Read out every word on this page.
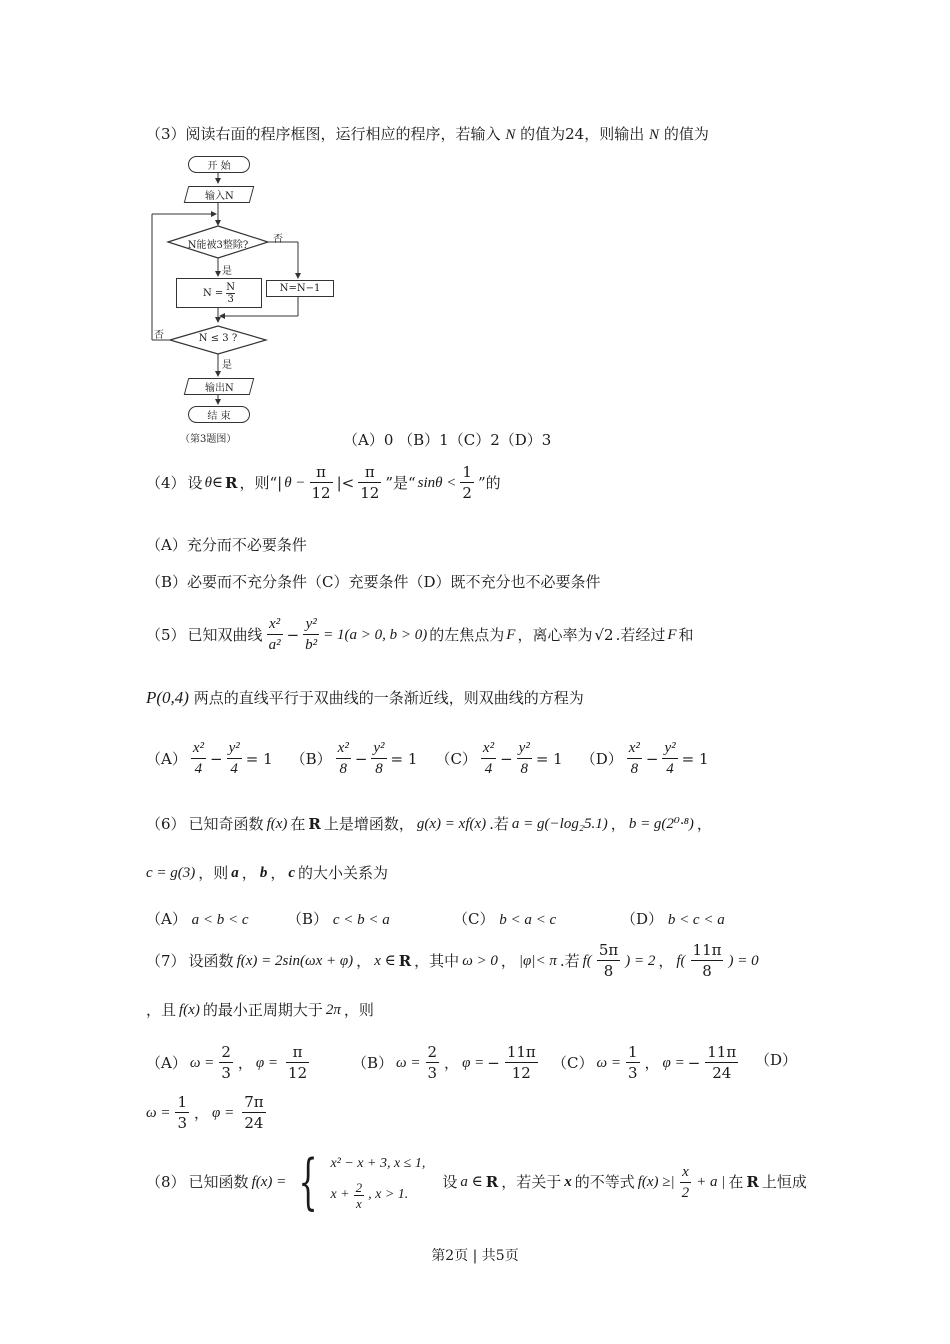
（3）阅读右面的程序框图，运行相应的程序，若输入 N 的值为24，则输出 N 的值为
开 始
输入N
N能被3整除?
否
是
$N = \frac{N}{3}$	N=N−1
N ≤ 3 ?
否
是
输出N
结 束
（第3题图）	（A）0 （B）1（C）2（D）3
（4） 设 θ∈ R ，则“| $\theta - \frac{\pi}{12}$ |< $\frac{\pi}{12}$ ”是“ $\sin\theta < \frac{1}{2}$ ”的
（A）充分而不必要条件
（B）必要而不充分条件（C）充要条件（D）既不充分也不必要条件
（5） 已知双曲线 $\frac{\text{x²}}{\text{a²}} - \frac{\text{y²}}{\text{b²}} = 1(a > 0$, b > 0) 的左焦点为 F ，离心率为 √2 .若经过 F 和
P(0,4) 两点的直线平行于双曲线的一条渐近线，则双曲线的方程为
$(A) \frac{\text{x²}}{4} - \frac{\text{y²}}{4} = 1$ $(B) \frac{\text{x²}}{8} - \frac{\text{y²}}{8} = 1$ $(C) \frac{\text{x²}}{4} - \frac{\text{y²}}{8} = 1$ $(D) \frac{\text{x²}}{8} - \frac{\text{y²}}{4} = 1$
（6） 已知奇函数 f(x) 在 R 上是增函数， g(x) = xf(x) .若 a = g(−log₂5.1) ， b = g(2⁰·⁸) ，
c = g(3) ，则 a ， b ， c 的大小关系为
（A） a < b < c	（B） c < b < a	（C） b < a < c	（D） b < c < a
（7） 设函数 f(x) = 2sin(ωx + φ) ， x ∈ R ，其中 ω > 0 ， |φ|< π .若 $f( \frac{5\pi}{8}$ ) = 2 ， $f( \frac{11\pi}{8}$ ) = 0
，且 f(x) 的最小正周期大于 2π ，则
（A） $\omega = \frac{2}{3}$ ， $\varphi = \frac{\pi}{12}$	（B） $\omega = \frac{2}{3}$ ， φ = − $\frac{11\pi}{12} (C) \omega = \frac{1}{3}$ ， φ = − $\frac{11\pi}{24} (D)$
$\omega = \frac{1}{3}$ ， $\varphi = \frac{7\pi}{24}$
（8） 已知函数 f(x) = { x² − x + 3, x ≤ 1,
$x + \frac{2}{x}$ , x > 1.
设 a ∈ R ，若关于 x 的不等式 f(x) ≥| $\frac{x}{2} + a$ | 在 R 上恒成
第2页 | 共5页
